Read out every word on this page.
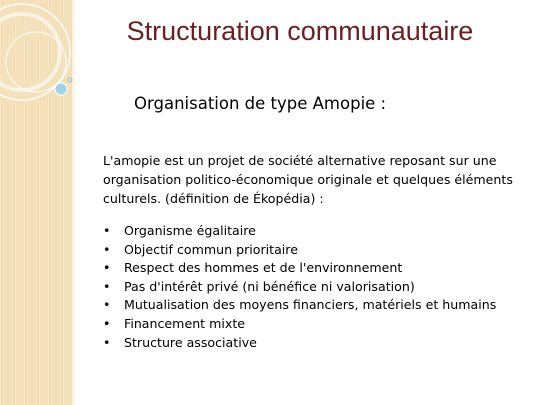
Structuration communautaire
Organisation de type Amopie :
L'amopie est un projet de société alternative reposant sur une organisation politico-économique originale et quelques éléments culturels. (définition de Ékopédia) :
• Organisme égalitaire
• Objectif commun prioritaire
• Respect des hommes et de l'environnement
• Pas d'intérêt privé (ni bénéfice ni valorisation)
• Mutualisation des moyens financiers, matériels et humains
• Financement mixte
• Structure associative
